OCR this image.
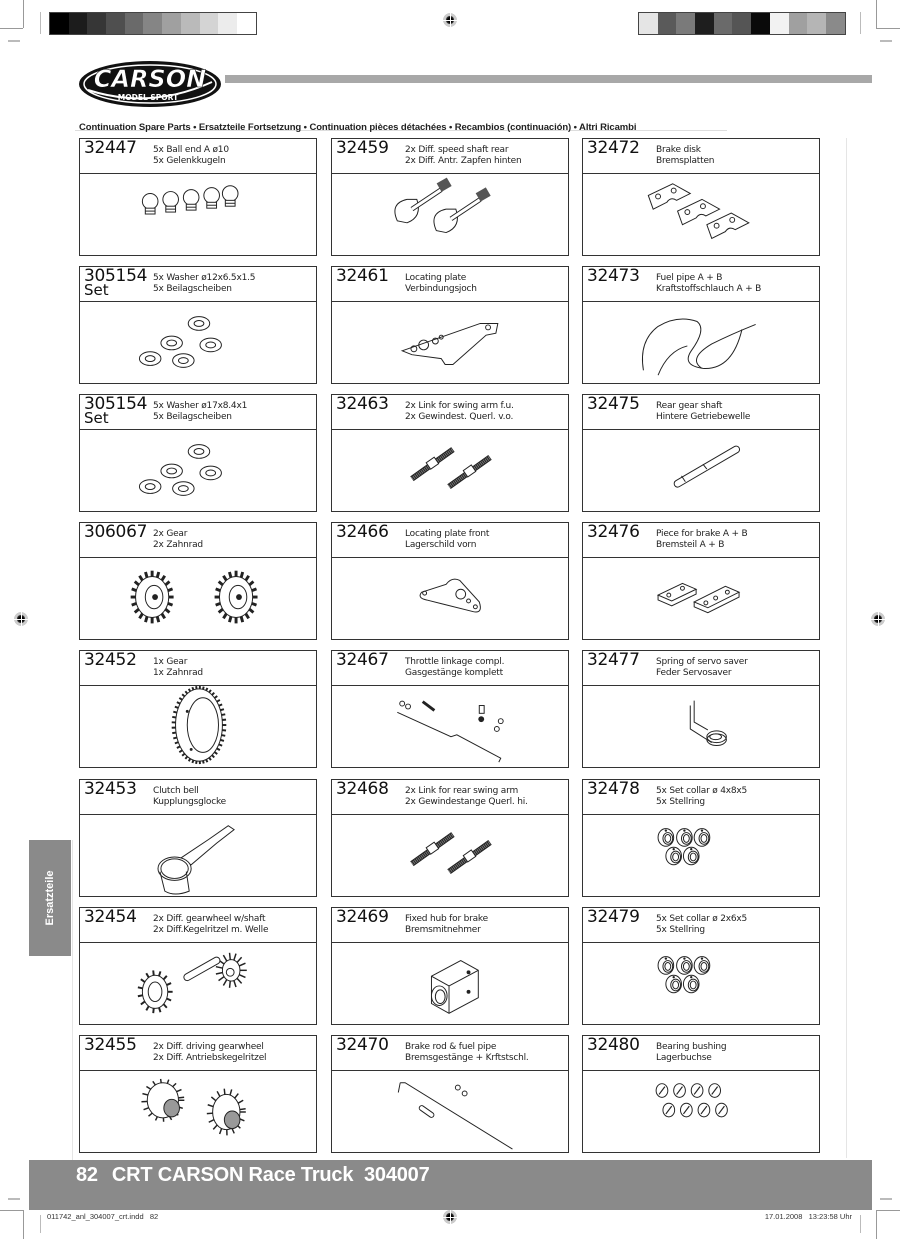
CARSON
MODEL SPORT
Continuation Spare Parts • Ersatzteile Fortsetzung • Continuation pièces détachées • Recambios (continuación) • Altri Ricambi
32447 5x Ball end A ø10
5x Gelenkkugeln
32459 2x Diff. speed shaft rear
2x Diff. Antr. Zapfen hinten
32472 Brake disk
Bremsplatten
305154
Set
5x Washer ø12x6.5x1.5
5x Beilagscheiben
32461 Locating plate
Verbindungsjoch
32473 Fuel pipe A + B
Kraftstoffschlauch A + B
305154
Set
5x Washer ø17x8.4x1
5x Beilagscheiben
32463 2x Link for swing arm f.u.
2x Gewindest. Querl. v.o.
32475 Rear gear shaft
Hintere Getriebewelle
306067 2x Gear
2x Zahnrad
32466 Locating plate front
Lagerschild vorn
32476 Piece for brake A + B
Bremsteil A + B
32452 1x Gear
1x Zahnrad
32467 Throttle linkage compl.
Gasgestänge komplett
32477 Spring of servo saver
Feder Servosaver
32453 Clutch bell
Kupplungsglocke
32468 2x Link for rear swing arm
2x Gewindestange Querl. hi.
32478 5x Set collar ø 4x8x5
5x Stellring
32454 2x Diff. gearwheel w/shaft
2x Diff.Kegelritzel m. Welle
32469 Fixed hub for brake
Bremsmitnehmer
32479 5x Set collar ø 2x6x5
5x Stellring
32455 2x Diff. driving gearwheel
2x Diff. Antriebskegelritzel
32470 Brake rod & fuel pipe
Bremsgestänge + Krftstschl.
32480 Bearing bushing
Lagerbuchse
Ersatzteile
82 CRT CARSON Race Truck  304007
011742_anl_304007_crt.indd   82	17.01.2008   13:23:58 Uhr
